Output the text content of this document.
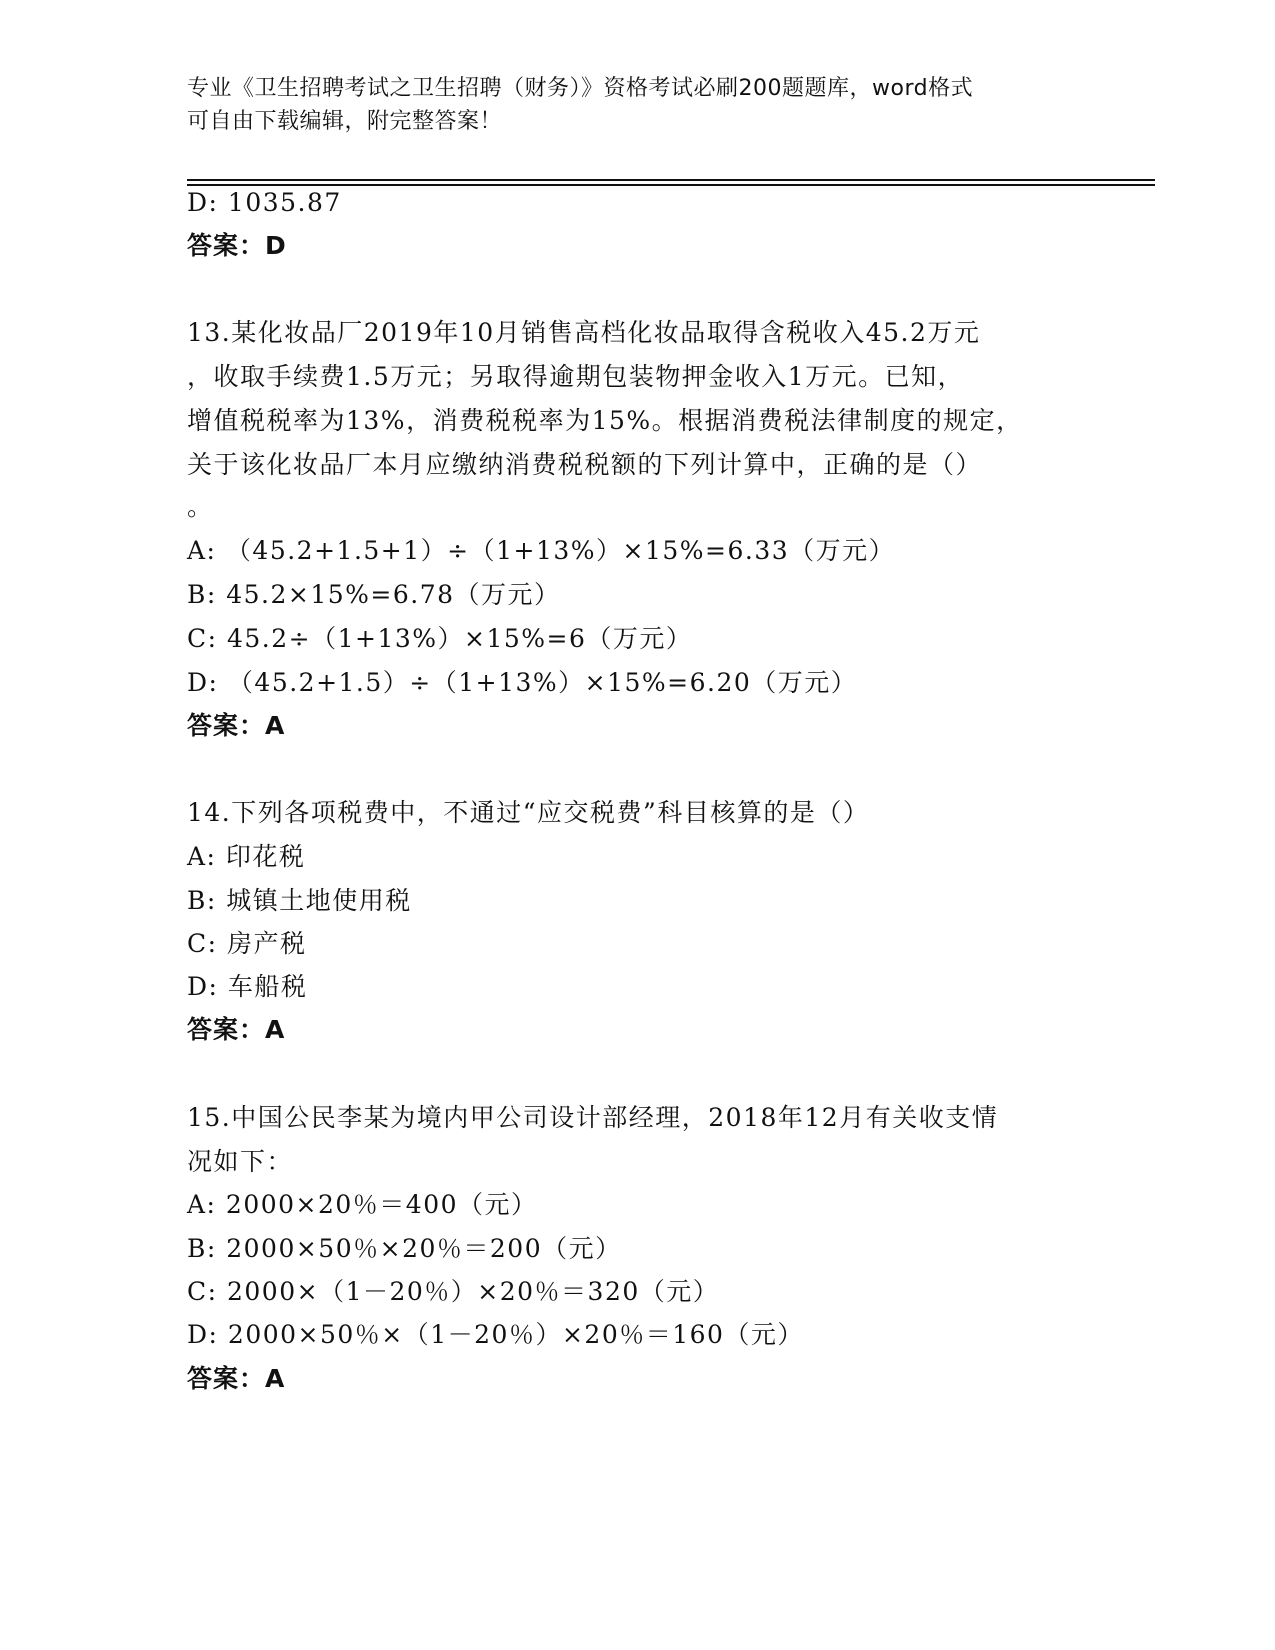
专业《卫生招聘考试之卫生招聘（财务）》资格考试必刷200题题库，word格式
可自由下载编辑，附完整答案！
D: 1035.87
答案：D
13.某化妆品厂2019年10月销售高档化妆品取得含税收入45.2万元
，收取手续费1.5万元；另取得逾期包装物押金收入1万元。已知，
增值税税率为13%，消费税税率为15%。根据消费税法律制度的规定，
关于该化妆品厂本月应缴纳消费税税额的下列计算中，正确的是（）
。
A: （45.2+1.5+1）÷（1+13%）×15%=6.33（万元）
B: 45.2×15%=6.78（万元）
C: 45.2÷（1+13%）×15%=6（万元）
D: （45.2+1.5）÷（1+13%）×15%=6.20（万元）
答案：A
14.下列各项税费中，不通过“应交税费”科目核算的是（）
A: 印花税
B: 城镇土地使用税
C: 房产税
D: 车船税
答案：A
15.中国公民李某为境内甲公司设计部经理，2018年12月有关收支情
况如下：
A: 2000×20％＝400（元）
B: 2000×50％×20％＝200（元）
C: 2000×（1－20％）×20％＝320（元）
D: 2000×50％×（1－20％）×20％＝160（元）
答案：A
